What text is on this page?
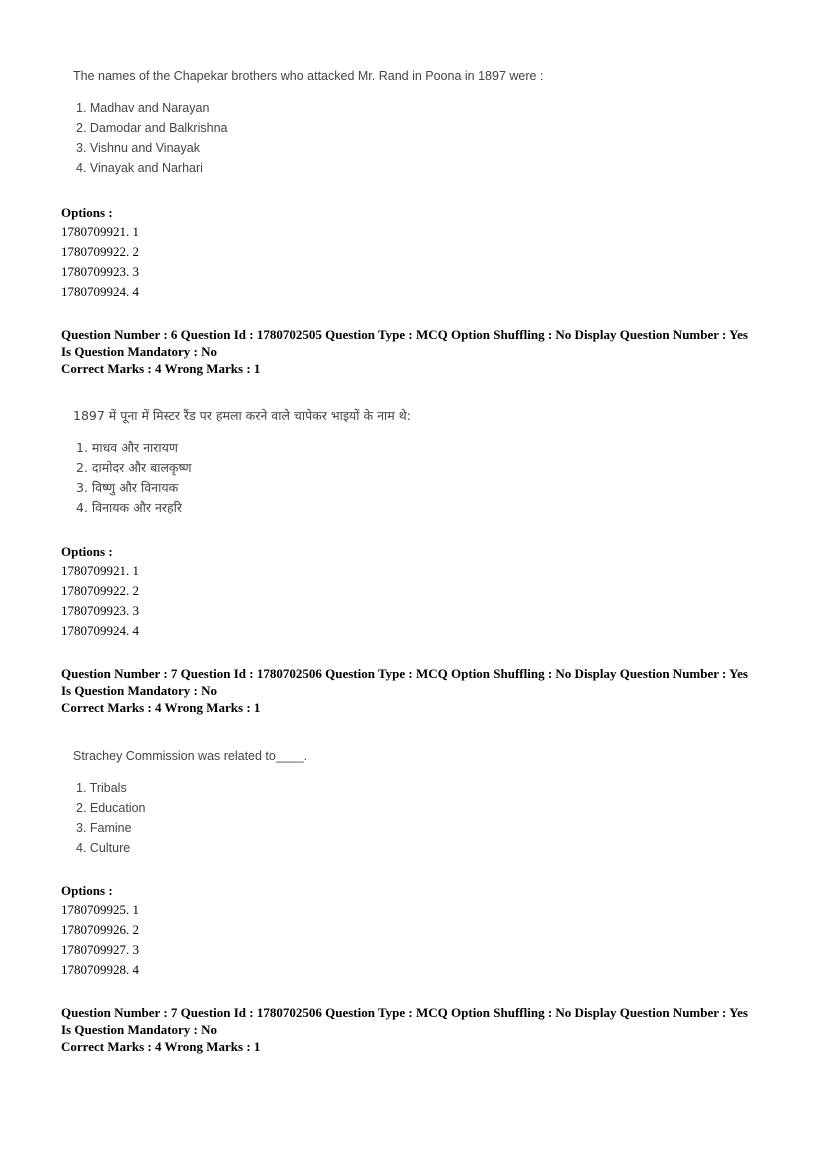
The names of the Chapekar brothers who attacked Mr. Rand in Poona in 1897 were :
1. Madhav and Narayan
2. Damodar and Balkrishna
3. Vishnu and Vinayak
4. Vinayak and Narhari
Options :
1780709921. 1
1780709922. 2
1780709923. 3
1780709924. 4
Question Number : 6 Question Id : 1780702505 Question Type : MCQ Option Shuffling : No Display Question Number : Yes
Is Question Mandatory : No
Correct Marks : 4 Wrong Marks : 1
1897 में पूना में मिस्टर रैंड पर हमला करने वाले चापेकर भाइयों के नाम थे:
1. माधव और नारायण
2. दामोदर और बालकृष्ण
3. विष्णु और विनायक
4. विनायक और नरहरि
Options :
1780709921. 1
1780709922. 2
1780709923. 3
1780709924. 4
Question Number : 7 Question Id : 1780702506 Question Type : MCQ Option Shuffling : No Display Question Number : Yes
Is Question Mandatory : No
Correct Marks : 4 Wrong Marks : 1
Strachey Commission was related to____.
1. Tribals
2. Education
3. Famine
4. Culture
Options :
1780709925. 1
1780709926. 2
1780709927. 3
1780709928. 4
Question Number : 7 Question Id : 1780702506 Question Type : MCQ Option Shuffling : No Display Question Number : Yes
Is Question Mandatory : No
Correct Marks : 4 Wrong Marks : 1
